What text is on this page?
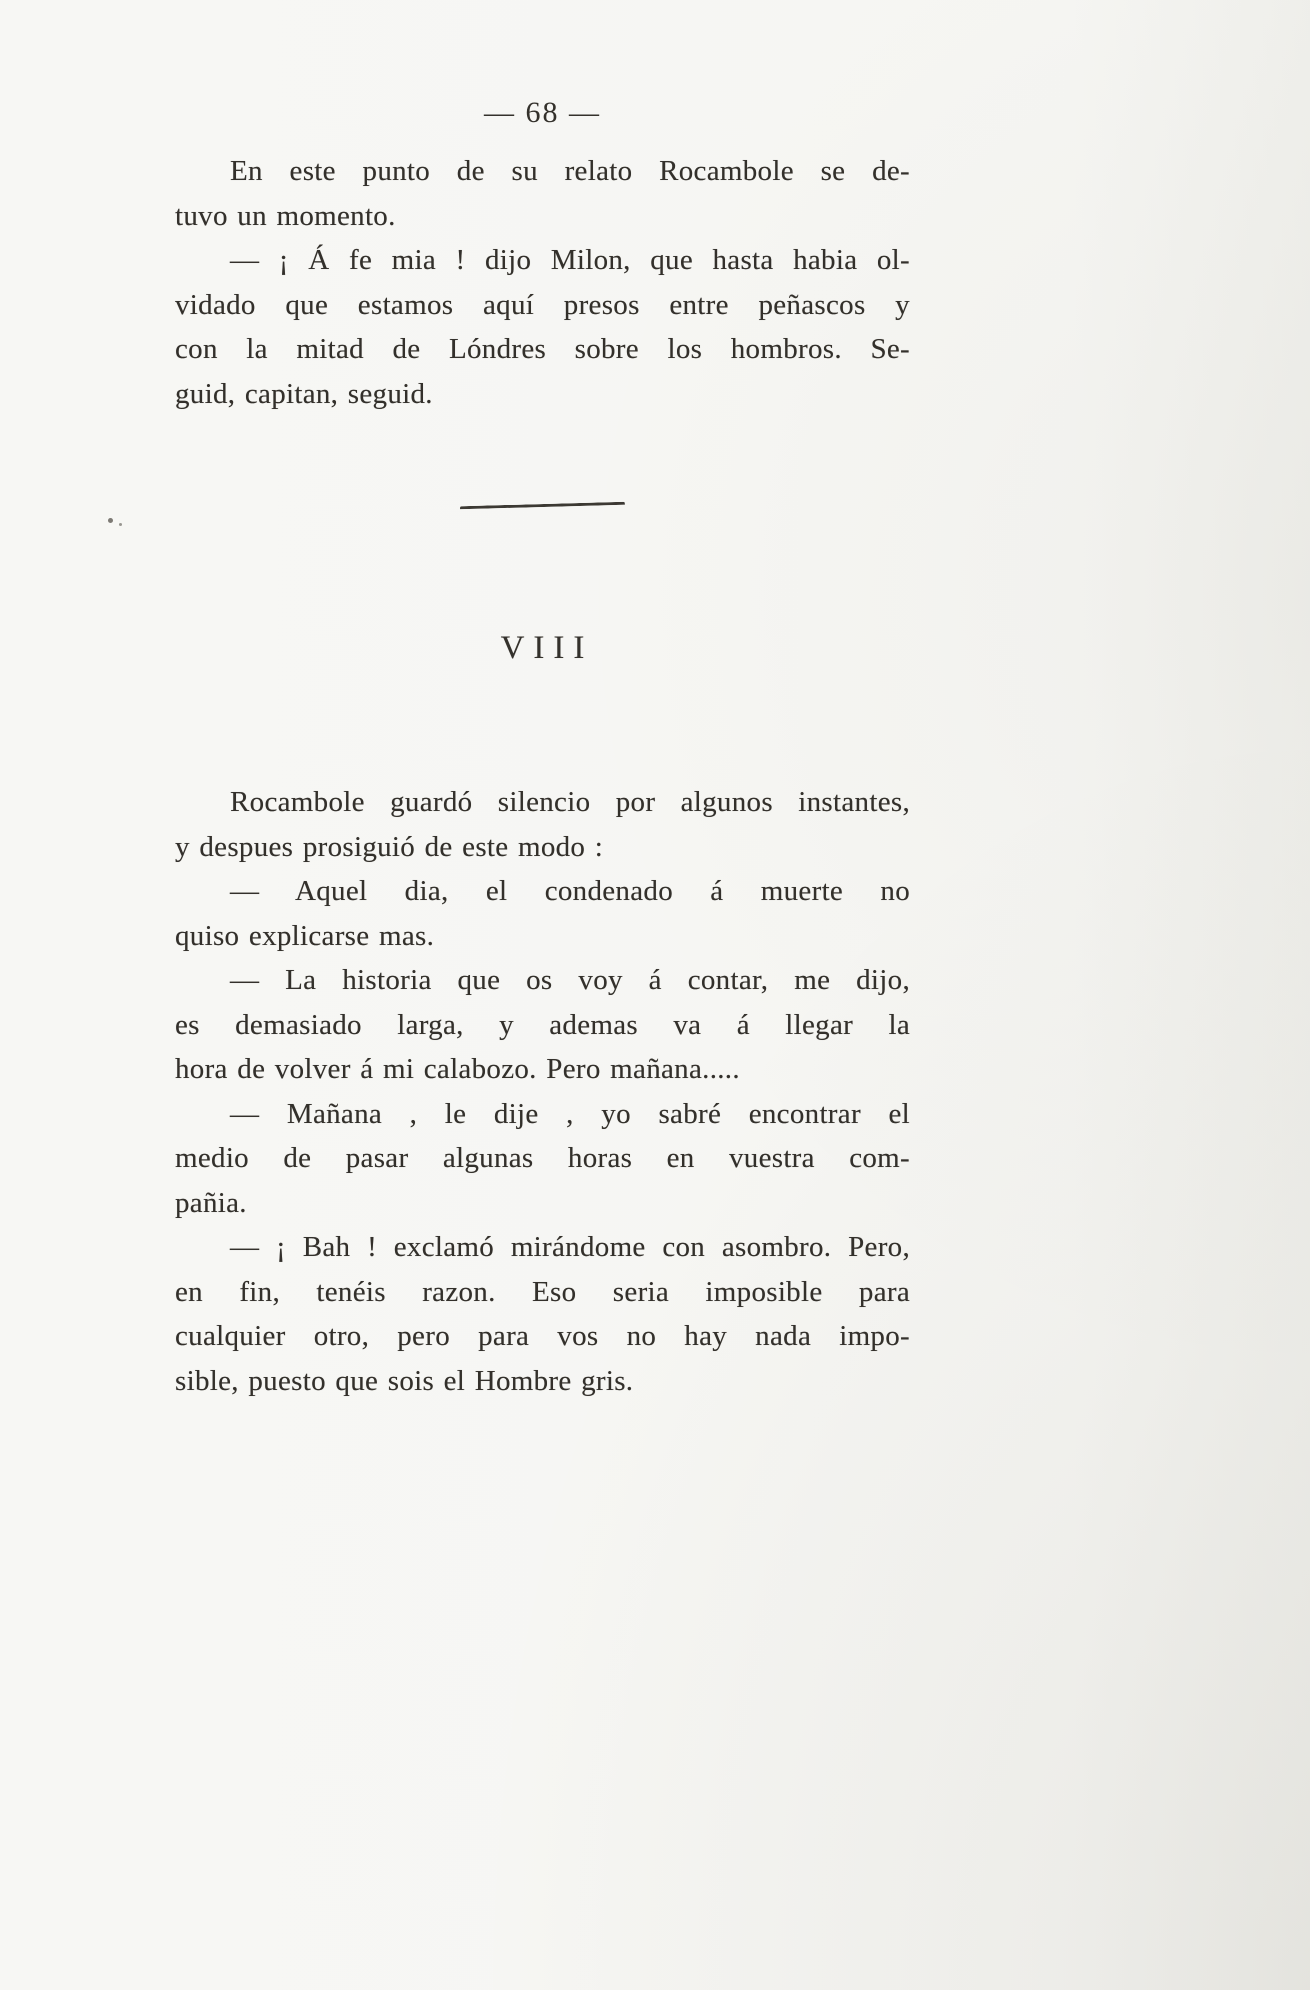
— 68 —
En este punto de su relato Rocambole se de-
tuvo un momento.
— ¡ Á fe mia ! dijo Milon, que hasta habia ol-
vidado que estamos aquí presos entre peñascos y
con la mitad de Lóndres sobre los hombros. Se-
guid, capitan, seguid.
VIII
Rocambole guardó silencio por algunos instantes,
y despues prosiguió de este modo :
— Aquel dia, el condenado á muerte no
quiso explicarse mas.
— La historia que os voy á contar, me dijo,
es demasiado larga, y ademas va á llegar la
hora de volver á mi calabozo. Pero mañana.....
— Mañana , le dije , yo sabré encontrar el
medio de pasar algunas horas en vuestra com-
pañia.
— ¡ Bah ! exclamó mirándome con asombro. Pero,
en fin, tenéis razon. Eso seria imposible para
cualquier otro, pero para vos no hay nada impo-
sible, puesto que sois el Hombre gris.
